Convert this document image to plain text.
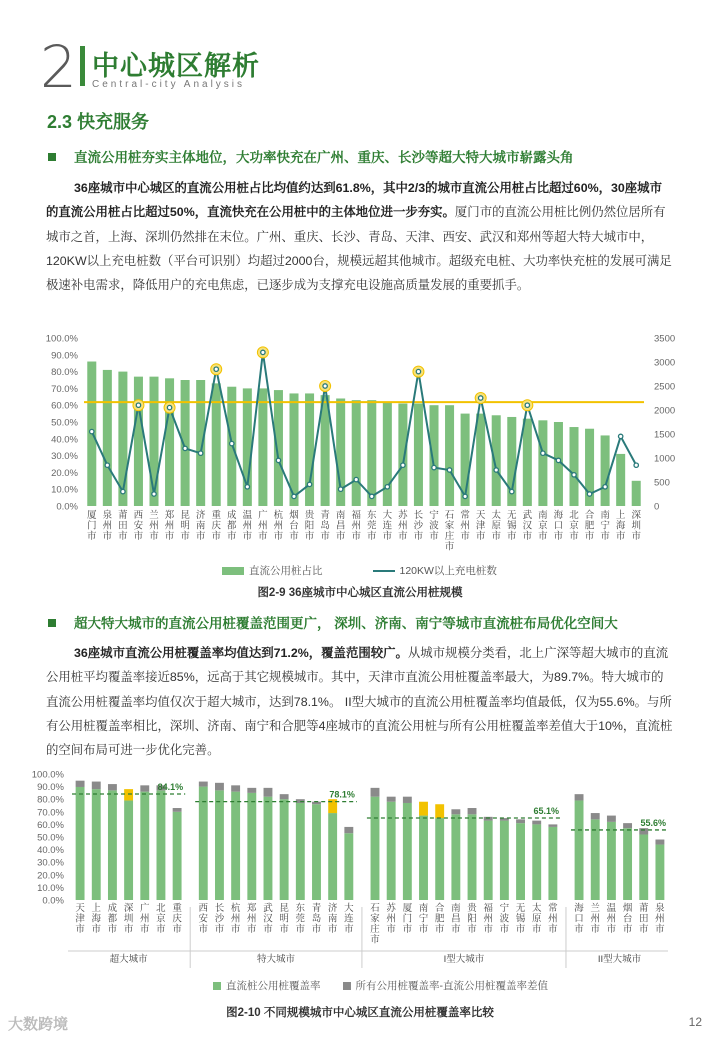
2 中心城区解析
Central-city Analysis
2.3 快充服务
直流公用桩夯实主体地位，大功率快充在广州、重庆、长沙等超大特大城市崭露头角
36座城市中心城区的直流公用桩占比均值约达到61.8%，其中2/3的城市直流公用桩占比超过60%，30座城市的直流公用桩占比超过50%，直流快充在公用桩中的主体地位进一步夯实。厦门市的直流公用桩比例仍然位居所有城市之首，上海、深圳仍然排在末位。广州、重庆、长沙、青岛、天津、西安、武汉和郑州等超大特大城市中，120KW以上充电桩数（平台可识别）均超过2000台，规模远超其他城市。超级充电桩、大功率快充桩的发展可满足极速补电需求，降低用户的充电焦虑，已逐步成为支撑充电设施高质量发展的重要抓手。
0.0%
10.0%
20.0%
30.0%
40.0%
50.0%
60.0%
70.0%
80.0%
90.0%
100.0%
0
500
1000
1500
2000
2500
3000
3500
厦门市
泉州市
莆田市
西安市
兰州市
郑州市
昆明市
济南市
重庆市
成都市
温州市
广州市
杭州市
烟台市
贵阳市
青岛市
南昌市
福州市
东莞市
大连市
苏州市
长沙市
宁波市
石家庄市
常州市
天津市
太原市
无锡市
武汉市
南京市
海口市
北京市
合肥市
南宁市
上海市
深圳市
直流公用桩占比	120KW以上充电桩数
图2-9 36座城市中心城区直流公用桩规模
超大特大城市的直流公用桩覆盖范围更广， 深圳、济南、南宁等城市直流桩布局优化空间大
36座城市直流公用桩覆盖率均值达到71.2%，覆盖范围较广。从城市规模分类看，北上广深等超大城市的直流公用桩平均覆盖率接近85%，远高于其它规模城市。其中，天津市直流公用桩覆盖率最大，为89.7%。特大城市的直流公用桩覆盖率均值仅次于超大城市，达到78.1%。 II型大城市的直流公用桩覆盖率均值最低，仅为55.6%。与所有公用桩覆盖率相比，深圳、济南、南宁和合肥等4座城市的直流公用桩与所有公用桩覆盖率差值大于10%，直流桩的空间布局可进一步优化完善。
0.0%
10.0%
20.0%
30.0%
40.0%
50.0%
60.0%
70.0%
80.0%
90.0%
100.0%
天津市
上海市
成都市
深圳市
广州市
北京市
重庆市
84.1%
超大城市
西安市
长沙市
杭州市
郑州市
武汉市
昆明市
东莞市
青岛市
济南市
大连市
78.1%
特大城市
石家庄市
苏州市
厦门市
南宁市
合肥市
南昌市
贵阳市
福州市
宁波市
无锡市
太原市
常州市
65.1%
I型大城市
海口市
兰州市
温州市
烟台市
莆田市
泉州市
55.6%
II型大城市
直流桩公用桩覆盖率	所有公用桩覆盖率-直流公用桩覆盖率差值
图2-10 不同规模城市中心城区直流公用桩覆盖率比较
大数跨境	12
